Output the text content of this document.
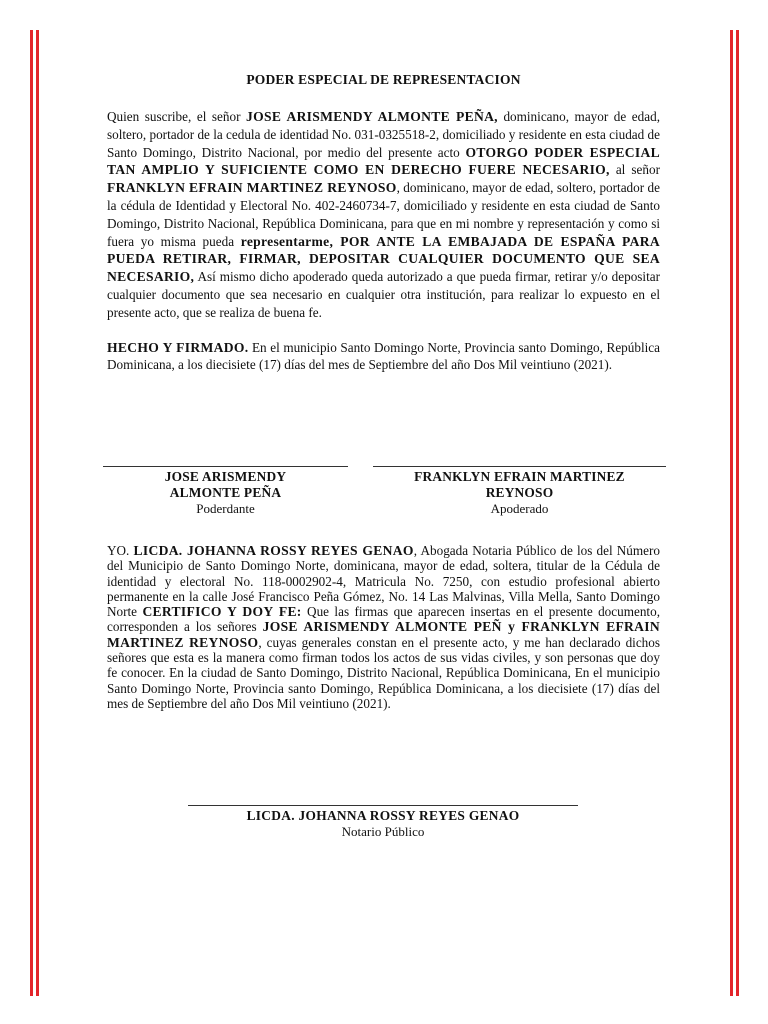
PODER ESPECIAL DE REPRESENTACION

Quien suscribe, el señor JOSE ARISMENDY ALMONTE PEÑA, dominicano, mayor de edad, soltero, portador de la cedula de identidad No. 031-0325518-2, domiciliado y residente en esta ciudad de Santo Domingo, Distrito Nacional, por medio del presente acto OTORGO PODER ESPECIAL TAN AMPLIO Y SUFICIENTE COMO EN DERECHO FUERE NECESARIO, al señor FRANKLYN EFRAIN MARTINEZ REYNOSO, dominicano, mayor de edad, soltero, portador de la cédula de Identidad y Electoral No. 402-2460734-7, domiciliado y residente en esta ciudad de Santo Domingo, Distrito Nacional, República Dominicana, para que en mi nombre y representación y como si fuera yo misma pueda representarme, POR ANTE LA EMBAJADA DE ESPAÑA PARA PUEDA RETIRAR, FIRMAR, DEPOSITAR CUALQUIER DOCUMENTO QUE SEA NECESARIO, Así mismo dicho apoderado queda autorizado a que pueda firmar, retirar y/o depositar cualquier documento que sea necesario en cualquier otra institución, para realizar lo expuesto en el presente acto, que se realiza de buena fe.

HECHO Y FIRMADO. En el municipio Santo Domingo Norte, Provincia santo Domingo, República Dominicana, a los diecisiete (17) días del mes de Septiembre del año Dos Mil veintiuno (2021).

JOSE ARISMENDY
ALMONTE PEÑA
Poderdante
FRANKLYN EFRAIN MARTINEZ
REYNOSO
Apoderado

YO. LICDA. JOHANNA ROSSY REYES GENAO, Abogada Notaria Público de los del Número del Municipio de Santo Domingo Norte, dominicana, mayor de edad, soltera, titular de la Cédula de identidad y electoral No. 118-0002902-4, Matricula No. 7250, con estudio profesional abierto permanente en la calle José Francisco Peña Gómez, No. 14 Las Malvinas, Villa Mella, Santo Domingo Norte CERTIFICO Y DOY FE: Que las firmas que aparecen insertas en el presente documento, corresponden a los señores JOSE ARISMENDY ALMONTE PEÑ y FRANKLYN EFRAIN MARTINEZ REYNOSO, cuyas generales constan en el presente acto, y me han declarado dichos señores que esta es la manera como firman todos los actos de sus vidas civiles, y son personas que doy fe conocer. En la ciudad de Santo Domingo, Distrito Nacional, República Dominicana, En el municipio Santo Domingo Norte, Provincia santo Domingo, República Dominicana, a los diecisiete (17) días del mes de Septiembre del año Dos Mil veintiuno (2021).

LICDA. JOHANNA ROSSY REYES GENAO
Notario Público
